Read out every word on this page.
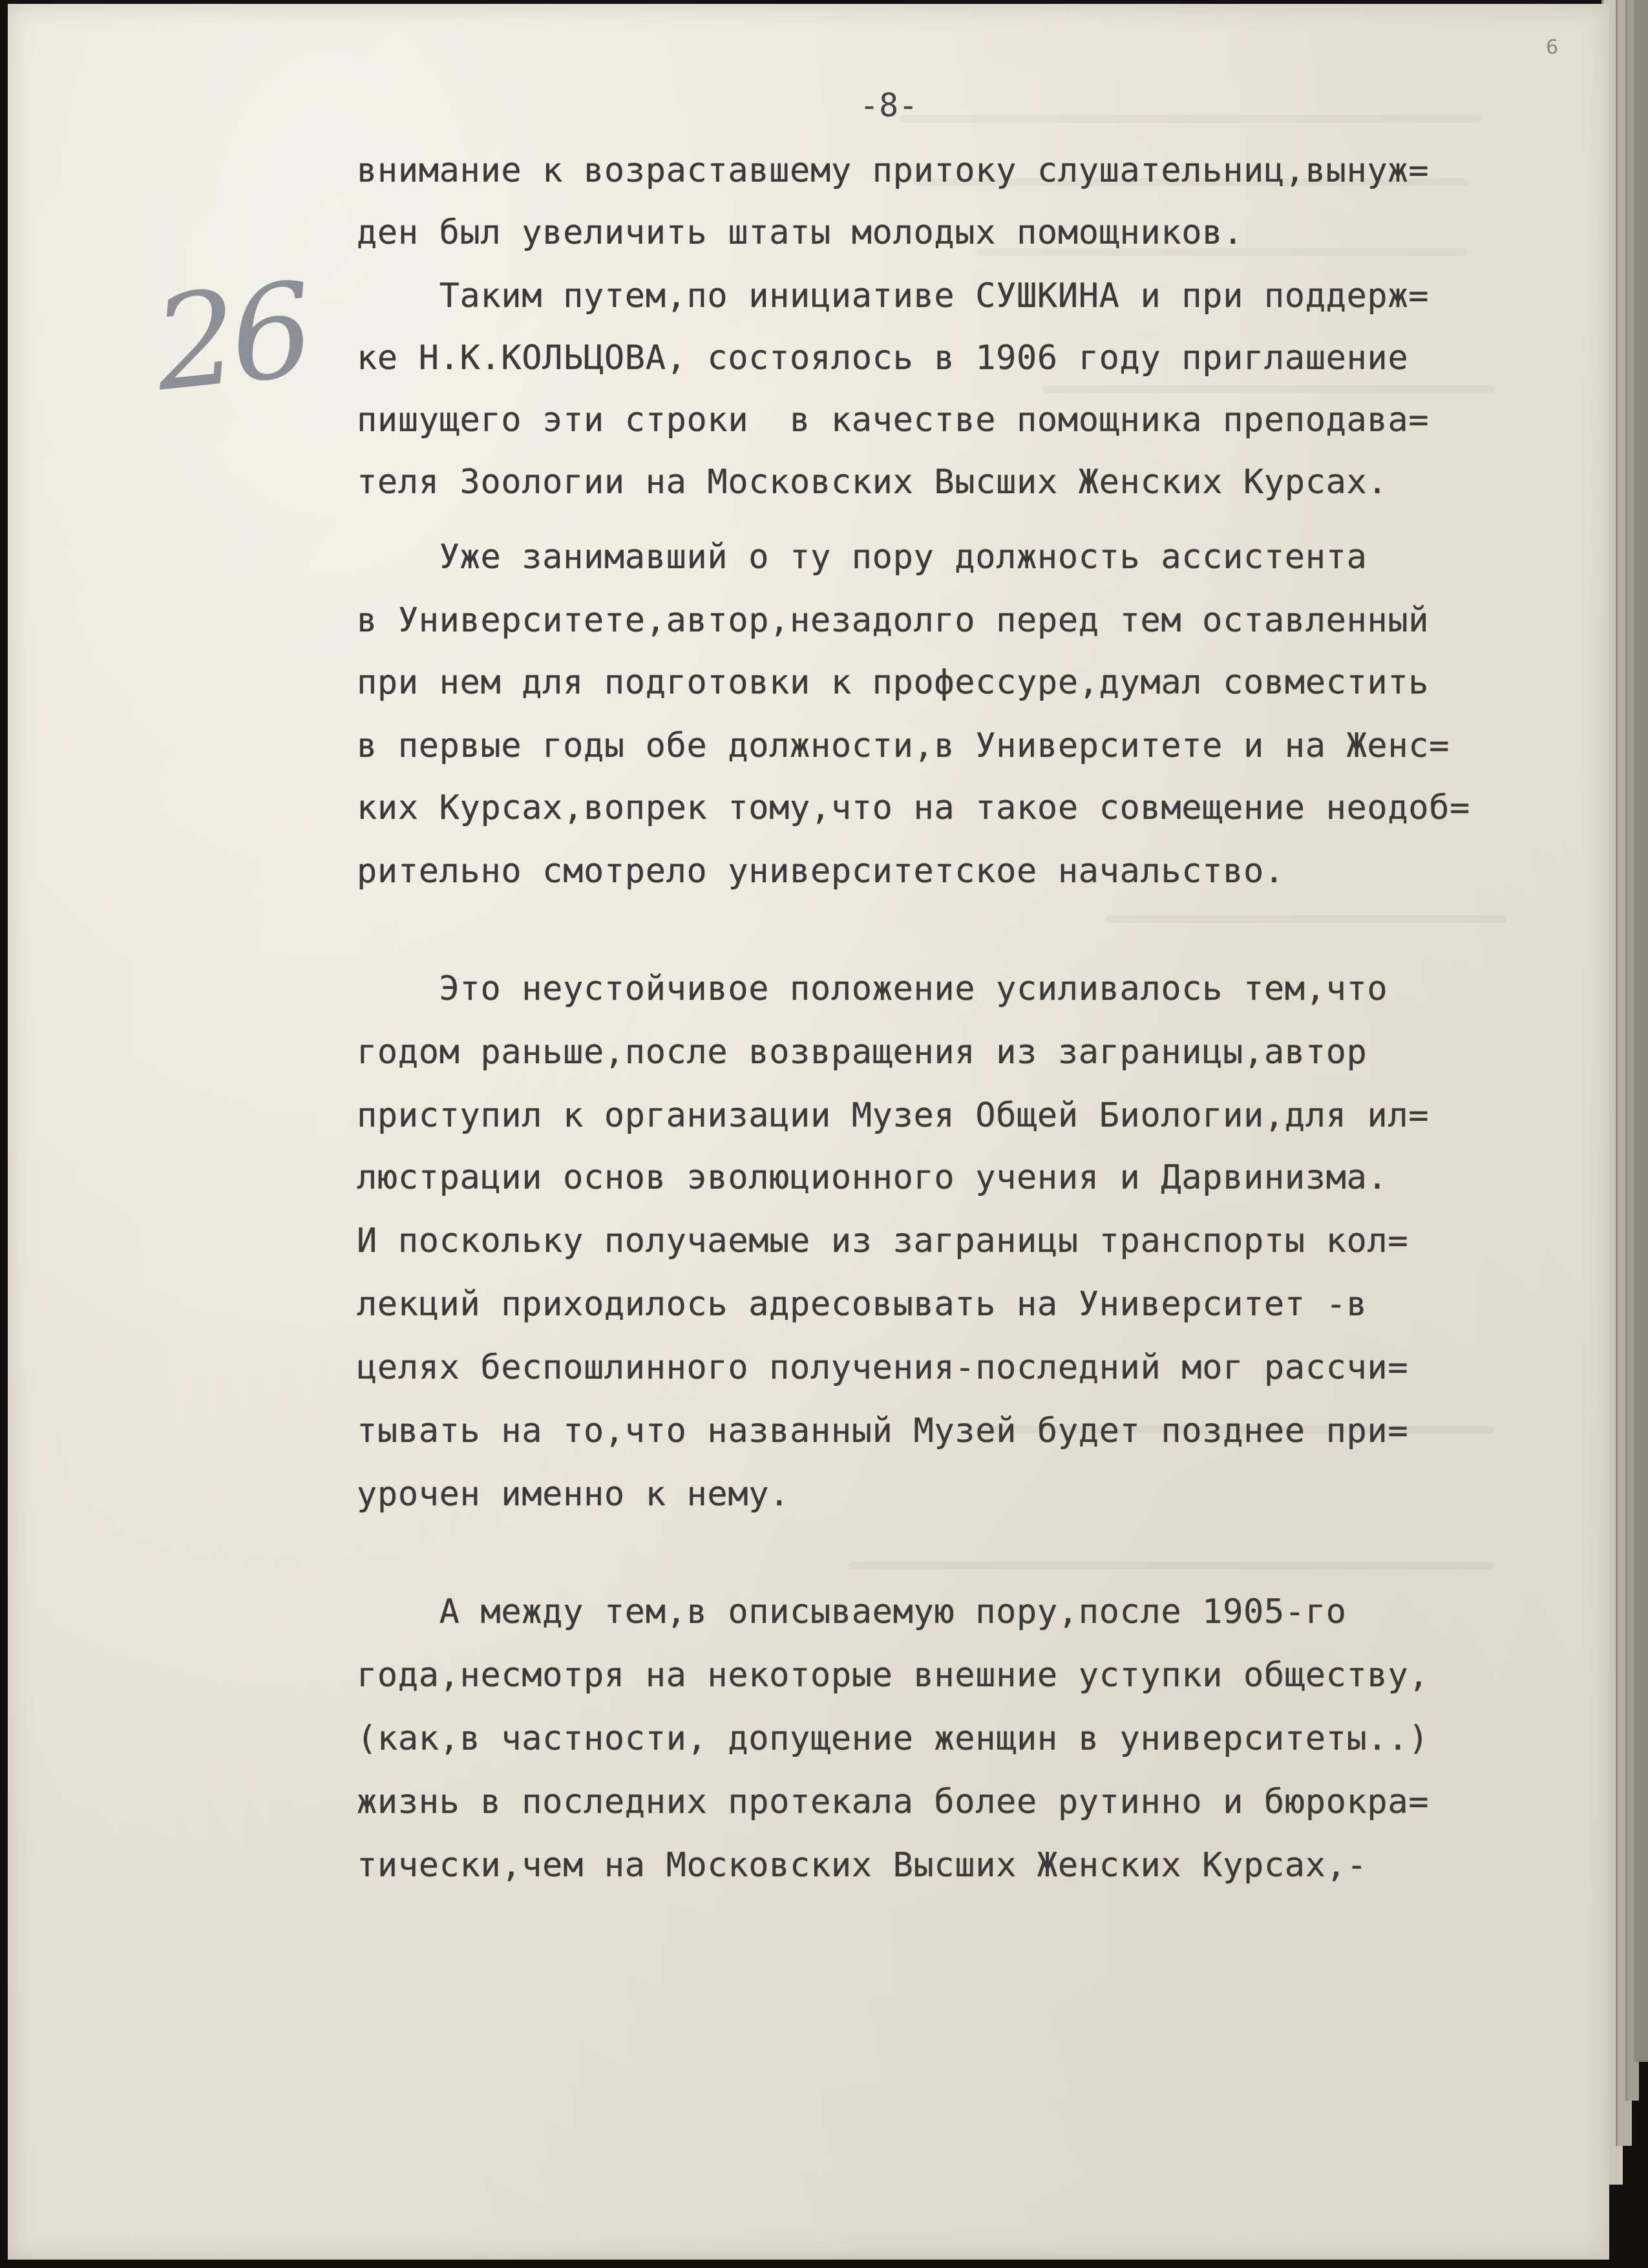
-8-
26
6
внимание к возраставшему притоку слушательниц,вынуж=
ден был увеличить штаты молодых помощников.
Таким путем,по инициативе СУШКИНА и при поддерж=
ке Н.К.КОЛЬЦОВА, состоялось в 1906 году приглашение
пишущего эти строки  в качестве помощника преподава=
теля Зоологии на Московских Высших Женских Курсах.
Уже занимавший о ту пору должность ассистента
в Университете,автор,незадолго перед тем оставленный
при нем для подготовки к профессуре,думал совместить
в первые годы обе должности,в Университете и на Женс=
ких Курсах,вопрек тому,что на такое совмещение неодоб=
рительно смотрело университетское начальство.
Это неустойчивое положение усиливалось тем,что
годом раньше,после возвращения из заграницы,автор
приступил к организации Музея Общей Биологии,для ил=
люстрации основ эволюционного учения и Дарвинизма.
И поскольку получаемые из заграницы транспорты кол=
лекций приходилось адресовывать на Университет -в
целях беспошлинного получения-последний мог рассчи=
тывать на то,что названный Музей будет позднее при=
урочен именно к нему.
А между тем,в описываемую пору,после 1905-го
года,несмотря на некоторые внешние уступки обществу,
(как,в частности, допущение женщин в университеты..)
жизнь в последних протекала более рутинно и бюрокра=
тически,чем на Московских Высших Женских Курсах,-
